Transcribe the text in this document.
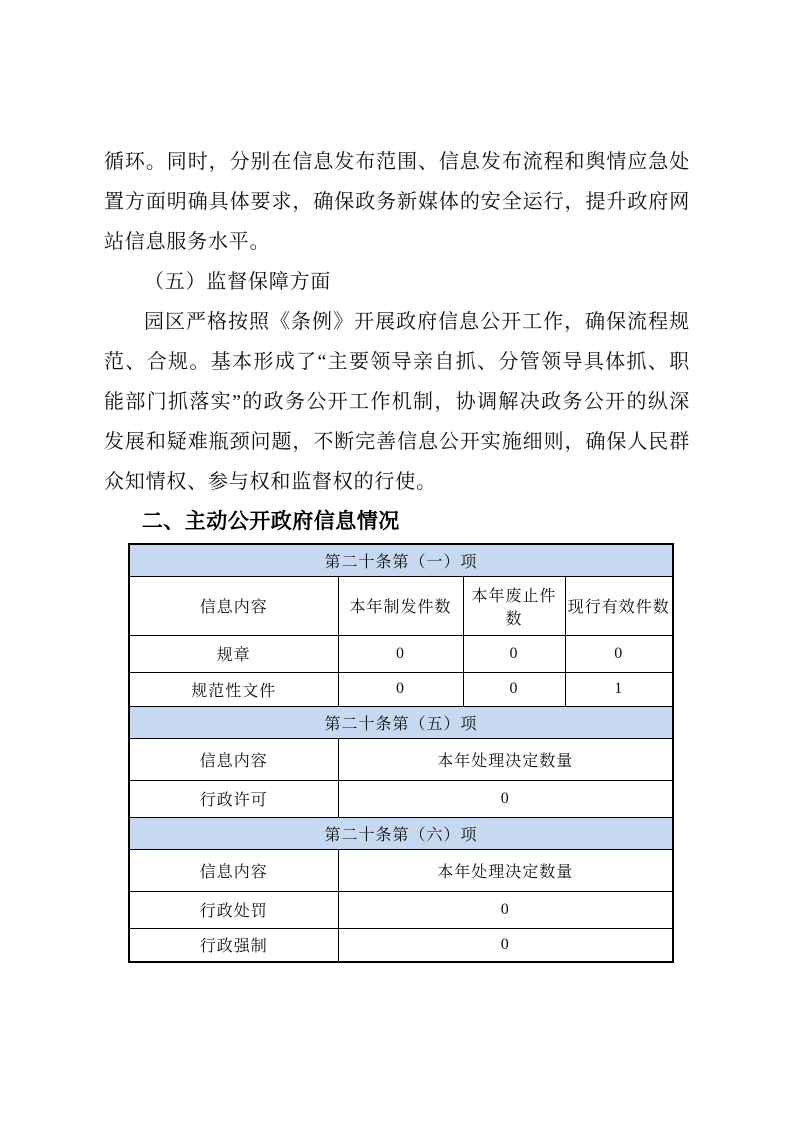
循环。同时，分别在信息发布范围、信息发布流程和舆情应急处置方面明确具体要求，确保政务新媒体的安全运行，提升政府网站信息服务水平。

（五）监督保障方面

园区严格按照《条例》开展政府信息公开工作，确保流程规范、合规。基本形成了“主要领导亲自抓、分管领导具体抓、职能部门抓落实”的政务公开工作机制，协调解决政务公开的纵深发展和疑难瓶颈问题，不断完善信息公开实施细则，确保人民群众知情权、参与权和监督权的行使。

二、主动公开政府信息情况
第二十条第（一）项			
信息内容	本年制发件数	本年废止件数	现行有效件数
规章	0	0	0
规范性文件	0	0	1
第二十条第（五）项			
信息内容	本年处理决定数量		
行政许可	0		
第二十条第（六）项			
信息内容	本年处理决定数量		
行政处罚	0		
行政强制	0		
